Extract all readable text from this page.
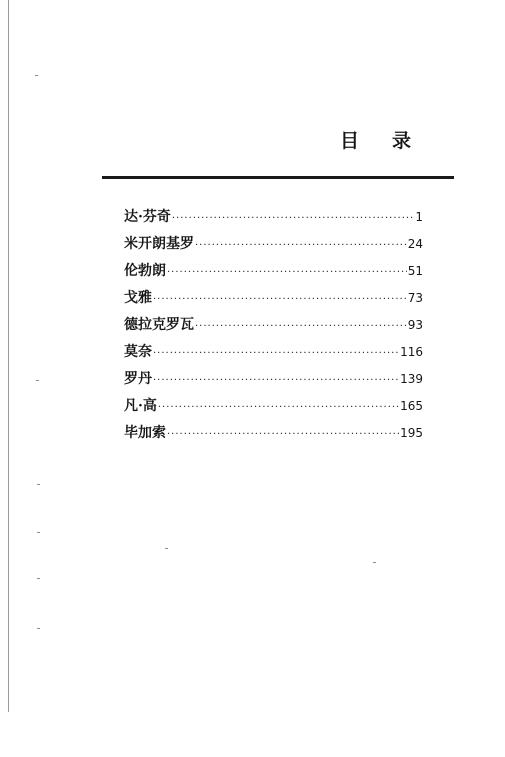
目 录
达·芬奇 ·····	1
米开朗基罗 ·····	24
伦勃朗 ·····	51
戈雅 ·····	73
德拉克罗瓦 ·····	93
莫奈 ·····	116
罗丹 ·····	139
凡·高 ·····	165
毕加索 ·····	195
